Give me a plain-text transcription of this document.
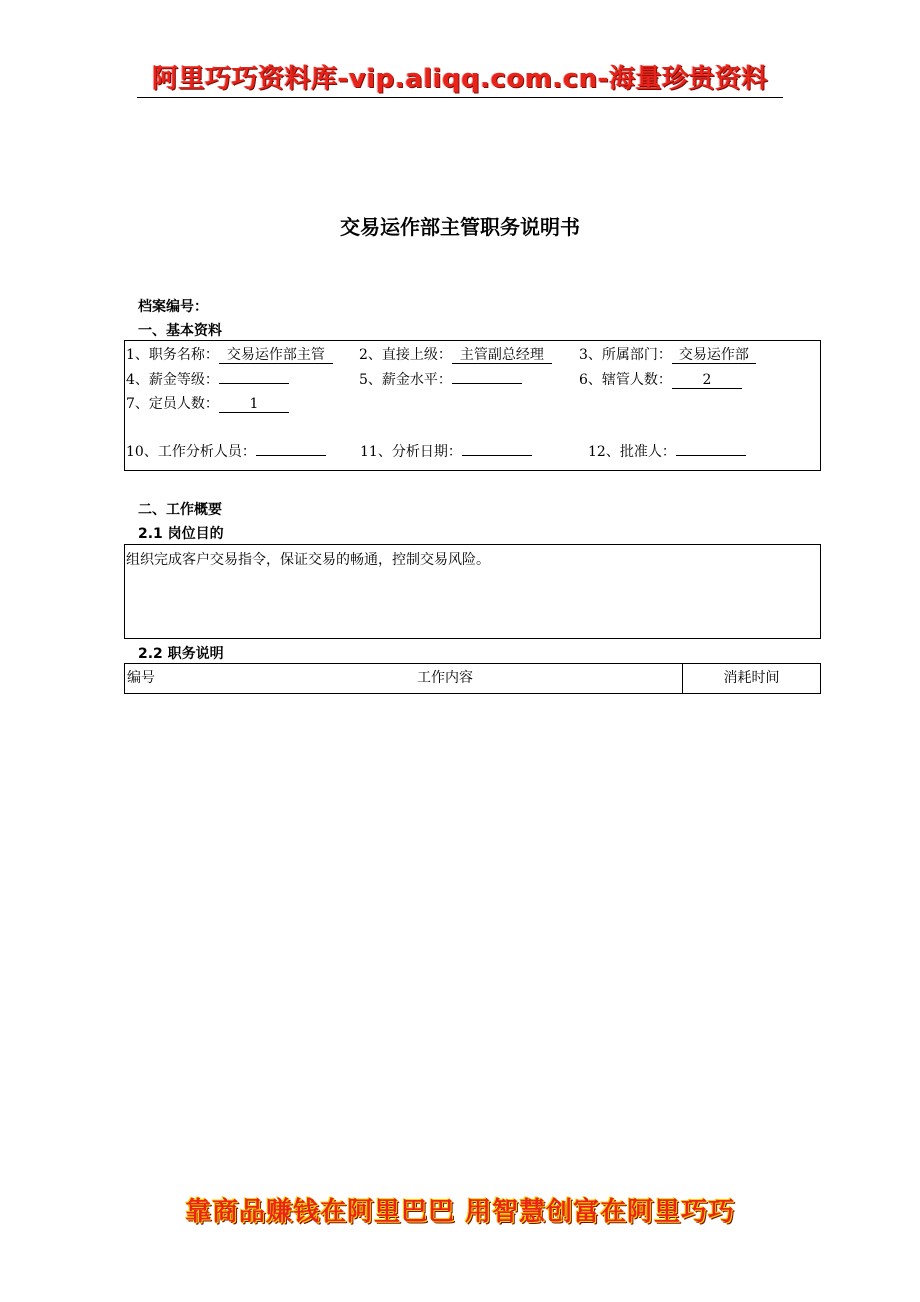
阿里巧巧资料库-vip.aliqq.com.cn-海量珍贵资料
交易运作部主管职务说明书
档案编号：
一、基本资料
1、职务名称： 交易运作部主管	2、直接上级： 主管副总经理	3、所属部门： 交易运作部
4、薪金等级：	5、薪金水平：	6、辖管人数： 2
7、定员人数： 1
10、工作分析人员：	11、分析日期：	12、批准人：
二、工作概要
2.1 岗位目的
组织完成客户交易指令，保证交易的畅通，控制交易风险。
2.2 职务说明
编号	工作内容	消耗时间
靠商品赚钱在阿里巴巴 用智慧创富在阿里巧巧
